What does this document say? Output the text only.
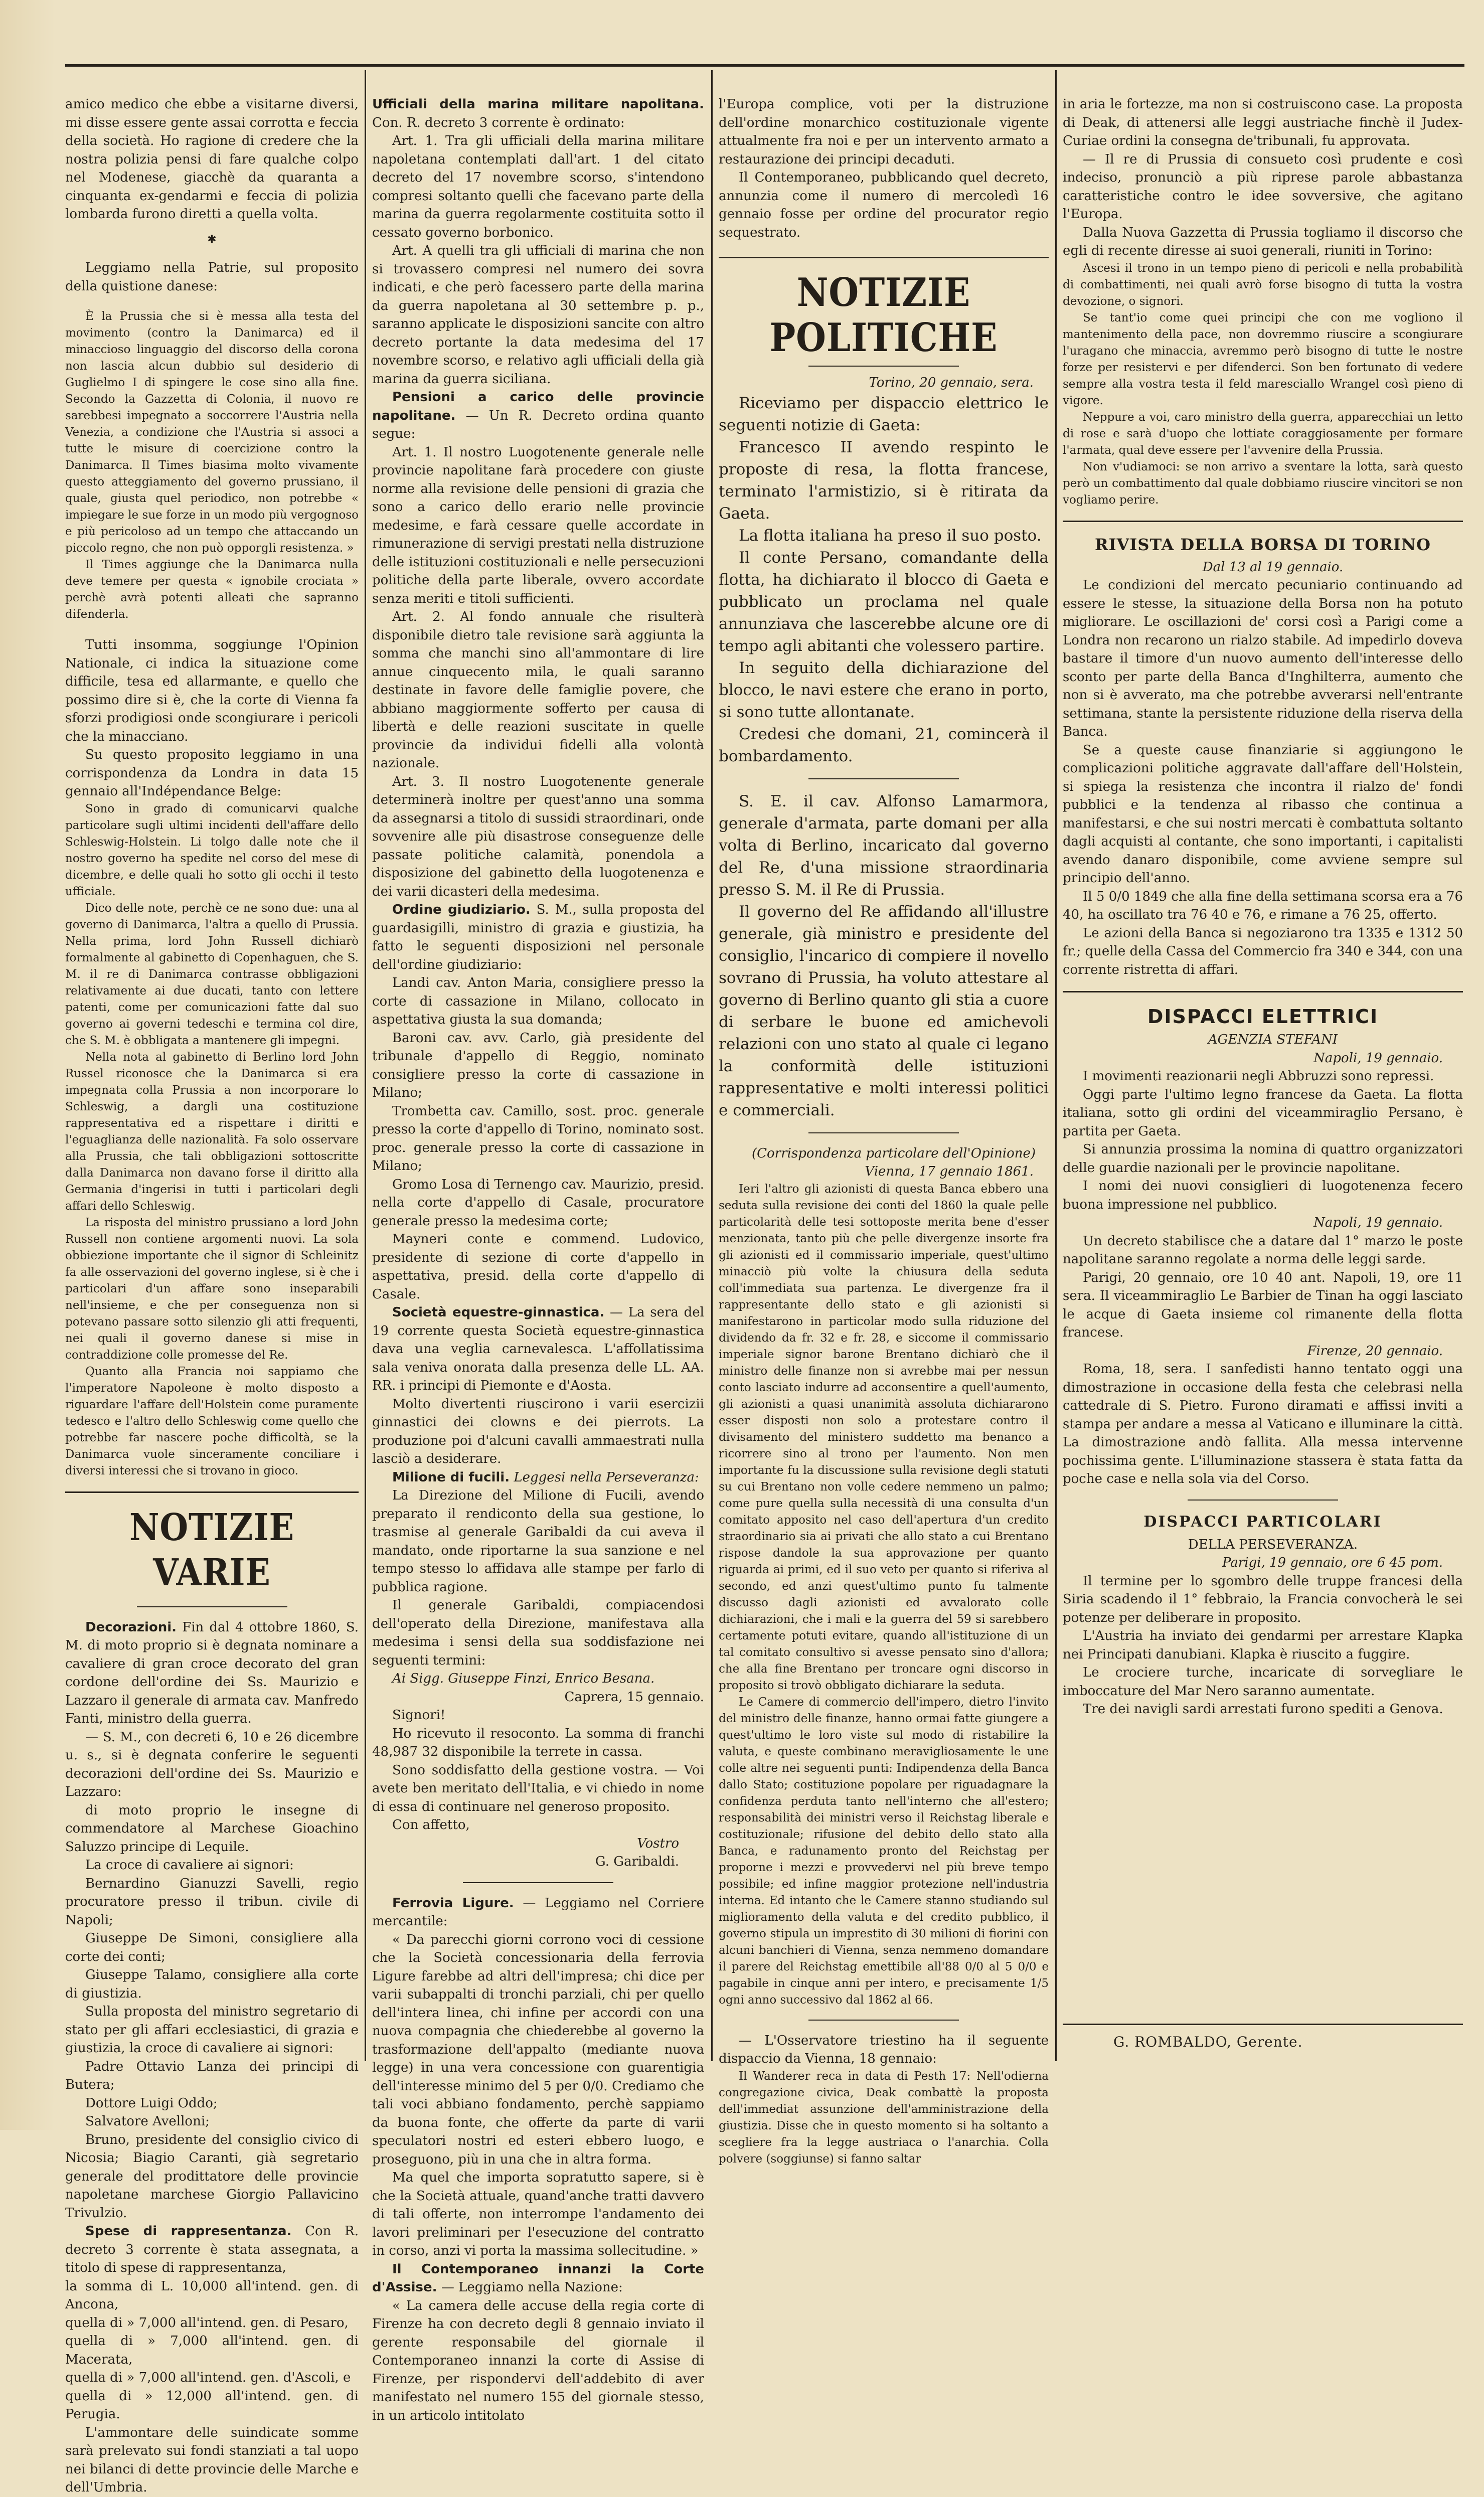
amico medico che ebbe a visitarne diversi, mi disse essere gente assai corrotta e feccia della società. Ho ragione di credere che la nostra polizia pensi di fare qualche colpo nel Modenese, giacchè da quaranta a cinquanta ex-gendarmi e feccia di polizia lombarda furono diretti a quella volta.

✱

Leggiamo nella Patrie, sul proposito della quistione danese:

È la Prussia che si è messa alla testa del movimento (contro la Danimarca) ed il minaccioso linguaggio del discorso della corona non lascia alcun dubbio sul desiderio di Guglielmo I di spingere le cose sino alla fine. Secondo la Gazzetta di Colonia, il nuovo re sarebbesi impegnato a soccorrere l'Austria nella Venezia, a condizione che l'Austria si associ a tutte le misure di coercizione contro la Danimarca. Il Times biasima molto vivamente questo atteggiamento del governo prussiano, il quale, giusta quel periodico, non potrebbe « impiegare le sue forze in un modo più vergognoso e più pericoloso ad un tempo che attaccando un piccolo regno, che non può opporgli resistenza. »

Il Times aggiunge che la Danimarca nulla deve temere per questa « ignobile crociata » perchè avrà potenti alleati che sapranno difenderla.

Tutti insomma, soggiunge l'Opinion Nationale, ci indica la situazione come difficile, tesa ed allarmante, e quello che possimo dire si è, che la corte di Vienna fa sforzi prodigiosi onde scongiurare i pericoli che la minacciano.

Su questo proposito leggiamo in una corrispondenza da Londra in data 15 gennaio all'Indépendance Belge:

Sono in grado di comunicarvi qualche particolare sugli ultimi incidenti dell'affare dello Schleswig-Holstein. Li tolgo dalle note che il nostro governo ha spedite nel corso del mese di dicembre, e delle quali ho sotto gli occhi il testo ufficiale.

Dico delle note, perchè ce ne sono due: una al governo di Danimarca, l'altra a quello di Prussia. Nella prima, lord John Russell dichiarò formalmente al gabinetto di Copenhaguen, che S. M. il re di Danimarca contrasse obbligazioni relativamente ai due ducati, tanto con lettere patenti, come per comunicazioni fatte dal suo governo ai governi tedeschi e termina col dire, che S. M. è obbligata a mantenere gli impegni.

Nella nota al gabinetto di Berlino lord John Russel riconosce che la Danimarca si era impegnata colla Prussia a non incorporare lo Schleswig, a dargli una costituzione rappresentativa ed a rispettare i diritti e l'eguaglianza delle nazionalità. Fa solo osservare alla Prussia, che tali obbligazioni sottoscritte dalla Danimarca non davano forse il diritto alla Germania d'ingerisi in tutti i particolari degli affari dello Schleswig.

La risposta del ministro prussiano a lord John Russell non contiene argomenti nuovi. La sola obbiezione importante che il signor di Schleinitz fa alle osservazioni del governo inglese, si è che i particolari d'un affare sono inseparabili nell'insieme, e che per conseguenza non si potevano passare sotto silenzio gli atti frequenti, nei quali il governo danese si mise in contraddizione colle promesse del Re.

Quanto alla Francia noi sappiamo che l'imperatore Napoleone è molto disposto a riguardare l'affare dell'Holstein come puramente tedesco e l'altro dello Schleswig come quello che potrebbe far nascere poche difficoltà, se la Danimarca vuole sinceramente conciliare i diversi interessi che si trovano in gioco.

NOTIZIE VARIE

Decorazioni. Fin dal 4 ottobre 1860, S. M. di moto proprio si è degnata nominare a cavaliere di gran croce decorato del gran cordone dell'ordine dei Ss. Maurizio e Lazzaro il generale di armata cav. Manfredo Fanti, ministro della guerra.

— S. M., con decreti 6, 10 e 26 dicembre u. s., si è degnata conferire le seguenti decorazioni dell'ordine dei Ss. Maurizio e Lazzaro:

di moto proprio le insegne di commendatore al Marchese Gioachino Saluzzo principe di Lequile.

La croce di cavaliere ai signori:

Bernardino Gianuzzi Savelli, regio procuratore presso il tribun. civile di Napoli;

Giuseppe De Simoni, consigliere alla corte dei conti;

Giuseppe Talamo, consigliere alla corte di giustizia.

Sulla proposta del ministro segretario di stato per gli affari ecclesiastici, di grazia e giustizia, la croce di cavaliere ai signori:

Padre Ottavio Lanza dei principi di Butera;

Dottore Luigi Oddo;

Salvatore Avelloni;

Bruno, presidente del consiglio civico di Nicosia; Biagio Caranti, già segretario generale del prodittatore delle provincie napoletane marchese Giorgio Pallavicino Trivulzio.

Spese di rappresentanza. Con R. decreto 3 corrente è stata assegnata, a titolo di spese di rappresentanza,

la somma di L. 10,000 all'intend. gen. di Ancona,

quella di » 7,000 all'intend. gen. di Pesaro,

quella di » 7,000 all'intend. gen. di Macerata,

quella di » 7,000 all'intend. gen. d'Ascoli, e

quella di » 12,000 all'intend. gen. di Perugia.

L'ammontare delle suindicate somme sarà prelevato sui fondi stanziati a tal uopo nei bilanci di dette provincie delle Marche e dell'Umbria.

Ufficiali della marina militare napolitana. Con. R. decreto 3 corrente è ordinato:

Art. 1. Tra gli ufficiali della marina militare napoletana contemplati dall'art. 1 del citato decreto del 17 novembre scorso, s'intendono compresi soltanto quelli che facevano parte della marina da guerra regolarmente costituita sotto il cessato governo borbonico.

Art. A quelli tra gli ufficiali di marina che non si trovassero compresi nel numero dei sovra indicati, e che però facessero parte della marina da guerra napoletana al 30 settembre p. p., saranno applicate le disposizioni sancite con altro decreto portante la data medesima del 17 novembre scorso, e relativo agli ufficiali della già marina da guerra siciliana.

Pensioni a carico delle provincie napolitane. — Un R. Decreto ordina quanto segue:

Art. 1. Il nostro Luogotenente generale nelle provincie napolitane farà procedere con giuste norme alla revisione delle pensioni di grazia che sono a carico dello erario nelle provincie medesime, e farà cessare quelle accordate in rimunerazione di servigi prestati nella distruzione delle istituzioni costituzionali e nelle persecuzioni politiche della parte liberale, ovvero accordate senza meriti e titoli sufficienti.

Art. 2. Al fondo annuale che risulterà disponibile dietro tale revisione sarà aggiunta la somma che manchi sino all'ammontare di lire annue cinquecento mila, le quali saranno destinate in favore delle famiglie povere, che abbiano maggiormente sofferto per causa di libertà e delle reazioni suscitate in quelle provincie da individui fidelli alla volontà nazionale.

Art. 3. Il nostro Luogotenente generale determinerà inoltre per quest'anno una somma da assegnarsi a titolo di sussidi straordinari, onde sovvenire alle più disastrose conseguenze delle passate politiche calamità, ponendola a disposizione del gabinetto della luogotenenza e dei varii dicasteri della medesima.

Ordine giudiziario. S. M., sulla proposta del guardasigilli, ministro di grazia e giustizia, ha fatto le seguenti disposizioni nel personale dell'ordine giudiziario:

Landi cav. Anton Maria, consigliere presso la corte di cassazione in Milano, collocato in aspettativa giusta la sua domanda;

Baroni cav. avv. Carlo, già presidente del tribunale d'appello di Reggio, nominato consigliere presso la corte di cassazione in Milano;

Trombetta cav. Camillo, sost. proc. generale presso la corte d'appello di Torino, nominato sost. proc. generale presso la corte di cassazione in Milano;

Gromo Losa di Ternengo cav. Maurizio, presid. nella corte d'appello di Casale, procuratore generale presso la medesima corte;

Mayneri conte e commend. Ludovico, presidente di sezione di corte d'appello in aspettativa, presid. della corte d'appello di Casale.

Società equestre-ginnastica. — La sera del 19 corrente questa Società equestre-ginnastica dava una veglia carnevalesca. L'affollatissima sala veniva onorata dalla presenza delle LL. AA. RR. i principi di Piemonte e d'Aosta.

Molto divertenti riuscirono i varii esercizii ginnastici dei clowns e dei pierrots. La produzione poi d'alcuni cavalli ammaestrati nulla lasciò a desiderare.

Milione di fucili. Leggesi nella Perseveranza:

La Direzione del Milione di Fucili, avendo preparato il rendiconto della sua gestione, lo trasmise al generale Garibaldi da cui aveva il mandato, onde riportarne la sua sanzione e nel tempo stesso lo affidava alle stampe per farlo di pubblica ragione.

Il generale Garibaldi, compiacendosi dell'operato della Direzione, manifestava alla medesima i sensi della sua soddisfazione nei seguenti termini:

Ai Sigg. Giuseppe Finzi, Enrico Besana.

Caprera, 15 gennaio.

Signori!

Ho ricevuto il resoconto. La somma di franchi 48,987 32 disponibile la terrete in cassa.

Sono soddisfatto della gestione vostra. — Voi avete ben meritato dell'Italia, e vi chiedo in nome di essa di continuare nel generoso proposito.

Con affetto,

Vostro

G. Garibaldi.

Ferrovia Ligure. — Leggiamo nel Corriere mercantile:

« Da parecchi giorni corrono voci di cessione che la Società concessionaria della ferrovia Ligure farebbe ad altri dell'impresa; chi dice per varii subappalti di tronchi parziali, chi per quello dell'intera linea, chi infine per accordi con una nuova compagnia che chiederebbe al governo la trasformazione dell'appalto (mediante nuova legge) in una vera concessione con guarentigia dell'interesse minimo del 5 per 0/0. Crediamo che tali voci abbiano fondamento, perchè sappiamo da buona fonte, che offerte da parte di varii speculatori nostri ed esteri ebbero luogo, e proseguono, più in una che in altra forma.

Ma quel che importa sopratutto sapere, si è che la Società attuale, quand'anche tratti davvero di tali offerte, non interrompe l'andamento dei lavori preliminari per l'esecuzione del contratto in corso, anzi vi porta la massima sollecitudine. »

Il Contemporaneo innanzi la Corte d'Assise. — Leggiamo nella Nazione:

« La camera delle accuse della regia corte di Firenze ha con decreto degli 8 gennaio inviato il gerente responsabile del giornale il Contemporaneo innanzi la corte di Assise di Firenze, per rispondervi dell'addebito di aver manifestato nel numero 155 del giornale stesso, in un articolo intitolato

l'Europa complice, voti per la distruzione dell'ordine monarchico costituzionale vigente attualmente fra noi e per un intervento armato a restaurazione dei principi decaduti.

Il Contemporaneo, pubblicando quel decreto, annunzia come il numero di mercoledì 16 gennaio fosse per ordine del procurator regio sequestrato.

NOTIZIE POLITICHE

Torino, 20 gennaio, sera.

Riceviamo per dispaccio elettrico le seguenti notizie di Gaeta:

Francesco II avendo respinto le proposte di resa, la flotta francese, terminato l'armistizio, si è ritirata da Gaeta.

La flotta italiana ha preso il suo posto.

Il conte Persano, comandante della flotta, ha dichiarato il blocco di Gaeta e pubblicato un proclama nel quale annunziava che lascerebbe alcune ore di tempo agli abitanti che volessero partire.

In seguito della dichiarazione del blocco, le navi estere che erano in porto, si sono tutte allontanate.

Credesi che domani, 21, comincerà il bombardamento.

S. E. il cav. Alfonso Lamarmora, generale d'armata, parte domani per alla volta di Berlino, incaricato dal governo del Re, d'una missione straordinaria presso S. M. il Re di Prussia.

Il governo del Re affidando all'illustre generale, già ministro e presidente del consiglio, l'incarico di compiere il novello sovrano di Prussia, ha voluto attestare al governo di Berlino quanto gli stia a cuore di serbare le buone ed amichevoli relazioni con uno stato al quale ci legano la conformità delle istituzioni rappresentative e molti interessi politici e commerciali.

(Corrispondenza particolare dell'Opinione)

Vienna, 17 gennaio 1861.

Ieri l'altro gli azionisti di questa Banca ebbero una seduta sulla revisione dei conti del 1860 la quale pelle particolarità delle tesi sottoposte merita bene d'esser menzionata, tanto più che pelle divergenze insorte fra gli azionisti ed il commissario imperiale, quest'ultimo minacciò più volte la chiusura della seduta coll'immediata sua partenza. Le divergenze fra il rappresentante dello stato e gli azionisti si manifestarono in particolar modo sulla riduzione del dividendo da fr. 32 e fr. 28, e siccome il commissario imperiale signor barone Brentano dichiarò che il ministro delle finanze non si avrebbe mai per nessun conto lasciato indurre ad acconsentire a quell'aumento, gli azionisti a quasi unanimità assoluta dichiararono esser disposti non solo a protestare contro il divisamento del ministero suddetto ma benanco a ricorrere sino al trono per l'aumento. Non men importante fu la discussione sulla revisione degli statuti su cui Brentano non volle cedere nemmeno un palmo; come pure quella sulla necessità di una consulta d'un comitato apposito nel caso dell'apertura d'un credito straordinario sia ai privati che allo stato a cui Brentano rispose dandole la sua approvazione per quanto riguarda ai primi, ed il suo veto per quanto si riferiva al secondo, ed anzi quest'ultimo punto fu talmente discusso dagli azionisti ed avvalorato colle dichiarazioni, che i mali e la guerra del 59 si sarebbero certamente potuti evitare, quando all'istituzione di un tal comitato consultivo si avesse pensato sino d'allora; che alla fine Brentano per troncare ogni discorso in proposito si trovò obbligato dichiarare la seduta.

Le Camere di commercio dell'impero, dietro l'invito del ministro delle finanze, hanno ormai fatte giungere a quest'ultimo le loro viste sul modo di ristabilire la valuta, e queste combinano meravigliosamente le une colle altre nei seguenti punti: Indipendenza della Banca dallo Stato; costituzione popolare per riguadagnare la confidenza perduta tanto nell'interno che all'estero; responsabilità dei ministri verso il Reichstag liberale e costituzionale; rifusione del debito dello stato alla Banca, e radunamento pronto del Reichstag per proporne i mezzi e provvedervi nel più breve tempo possibile; ed infine maggior protezione nell'industria interna. Ed intanto che le Camere stanno studiando sul miglioramento della valuta e del credito pubblico, il governo stipula un imprestito di 30 milioni di fiorini con alcuni banchieri di Vienna, senza nemmeno domandare il parere del Reichstag emettibile all'88 0/0 al 5 0/0 e pagabile in cinque anni per intero, e precisamente 1/5 ogni anno successivo dal 1862 al 66.

— L'Osservatore triestino ha il seguente dispaccio da Vienna, 18 gennaio:

Il Wanderer reca in data di Pesth 17: Nell'odierna congregazione civica, Deak combattè la proposta dell'immediat assunzione dell'amministrazione della giustizia. Disse che in questo momento si ha soltanto a scegliere fra la legge austriaca o l'anarchia. Colla polvere (soggiunse) si fanno saltar

in aria le fortezze, ma non si costruiscono case. La proposta di Deak, di attenersi alle leggi austriache finchè il Judex-Curiae ordini la consegna de'tribunali, fu approvata.

— Il re di Prussia di consueto così prudente e così indeciso, pronunciò a più riprese parole abbastanza caratteristiche contro le idee sovversive, che agitano l'Europa.

Dalla Nuova Gazzetta di Prussia togliamo il discorso che egli di recente diresse ai suoi generali, riuniti in Torino:

Ascesi il trono in un tempo pieno di pericoli e nella probabilità di combattimenti, nei quali avrò forse bisogno di tutta la vostra devozione, o signori.

Se tant'io come quei principi che con me vogliono il mantenimento della pace, non dovremmo riuscire a scongiurare l'uragano che minaccia, avremmo però bisogno di tutte le nostre forze per resistervi e per difenderci. Son ben fortunato di vedere sempre alla vostra testa il feld maresciallo Wrangel così pieno di vigore.

Neppure a voi, caro ministro della guerra, apparecchiai un letto di rose e sarà d'uopo che lottiate coraggiosamente per formare l'armata, qual deve essere per l'avvenire della Prussia.

Non v'udiamoci: se non arrivo a sventare la lotta, sarà questo però un combattimento dal quale dobbiamo riuscire vincitori se non vogliamo perire.

RIVISTA DELLA BORSA DI TORINO

Dal 13 al 19 gennaio.

Le condizioni del mercato pecuniario continuando ad essere le stesse, la situazione della Borsa non ha potuto migliorare. Le oscillazioni de' corsi così a Parigi come a Londra non recarono un rialzo stabile. Ad impedirlo doveva bastare il timore d'un nuovo aumento dell'interesse dello sconto per parte della Banca d'Inghilterra, aumento che non si è avverato, ma che potrebbe avverarsi nell'entrante settimana, stante la persistente riduzione della riserva della Banca.

Se a queste cause finanziarie si aggiungono le complicazioni politiche aggravate dall'affare dell'Holstein, si spiega la resistenza che incontra il rialzo de' fondi pubblici e la tendenza al ribasso che continua a manifestarsi, e che sui nostri mercati è combattuta soltanto dagli acquisti al contante, che sono importanti, i capitalisti avendo danaro disponibile, come avviene sempre sul principio dell'anno.

Il 5 0/0 1849 che alla fine della settimana scorsa era a 76 40, ha oscillato tra 76 40 e 76, e rimane a 76 25, offerto.

Le azioni della Banca si negoziarono tra 1335 e 1312 50 fr.; quelle della Cassa del Commercio fra 340 e 344, con una corrente ristretta di affari.

DISPACCI ELETTRICI

AGENZIA STEFANI

Napoli, 19 gennaio.

I movimenti reazionarii negli Abbruzzi sono repressi.

Oggi parte l'ultimo legno francese da Gaeta. La flotta italiana, sotto gli ordini del viceammiraglio Persano, è partita per Gaeta.

Si annunzia prossima la nomina di quattro organizzatori delle guardie nazionali per le provincie napolitane.

I nomi dei nuovi consiglieri di luogotenenza fecero buona impressione nel pubblico.

Napoli, 19 gennaio.

Un decreto stabilisce che a datare dal 1° marzo le poste napolitane saranno regolate a norma delle leggi sarde.

Parigi, 20 gennaio, ore 10 40 ant. Napoli, 19, ore 11 sera. Il viceammiraglio Le Barbier de Tinan ha oggi lasciato le acque di Gaeta insieme col rimanente della flotta francese.

Firenze, 20 gennaio.

Roma, 18, sera. I sanfedisti hanno tentato oggi una dimostrazione in occasione della festa che celebrasi nella cattedrale di S. Pietro. Furono diramati e affissi inviti a stampa per andare a messa al Vaticano e illuminare la città. La dimostrazione andò fallita. Alla messa intervenne pochissima gente. L'illuminazione stassera è stata fatta da poche case e nella sola via del Corso.

DISPACCI PARTICOLARI

DELLA PERSEVERANZA.

Parigi, 19 gennaio, ore 6 45 pom.

Il termine per lo sgombro delle truppe francesi della Siria scadendo il 1° febbraio, la Francia convocherà le sei potenze per deliberare in proposito.

L'Austria ha inviato dei gendarmi per arrestare Klapka nei Principati danubiani. Klapka è riuscito a fuggire.

Le crociere turche, incaricate di sorvegliare le imboccature del Mar Nero saranno aumentate.

Tre dei navigli sardi arrestati furono spediti a Genova.

G. ROMBALDO, Gerente.
